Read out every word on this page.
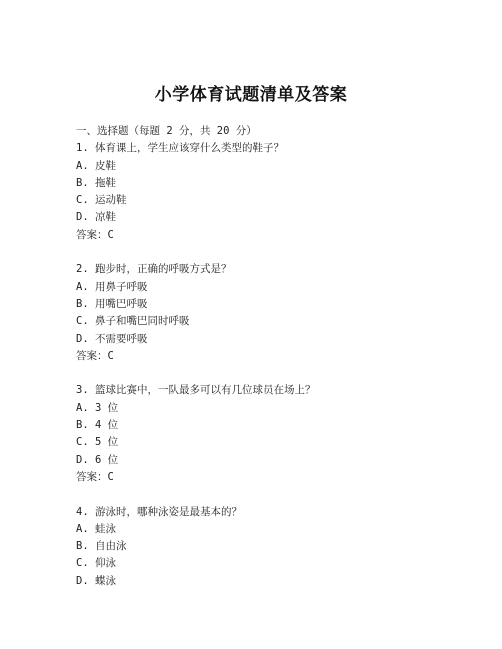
小学体育试题清单及答案
一、选择题（每题 2 分，共 20 分）
1. 体育课上，学生应该穿什么类型的鞋子？
A. 皮鞋
B. 拖鞋
C. 运动鞋
D. 凉鞋
答案：C
2. 跑步时，正确的呼吸方式是？
A. 用鼻子呼吸
B. 用嘴巴呼吸
C. 鼻子和嘴巴同时呼吸
D. 不需要呼吸
答案：C
3. 篮球比赛中，一队最多可以有几位球员在场上？
A. 3 位
B. 4 位
C. 5 位
D. 6 位
答案：C
4. 游泳时，哪种泳姿是最基本的？
A. 蛙泳
B. 自由泳
C. 仰泳
D. 蝶泳
